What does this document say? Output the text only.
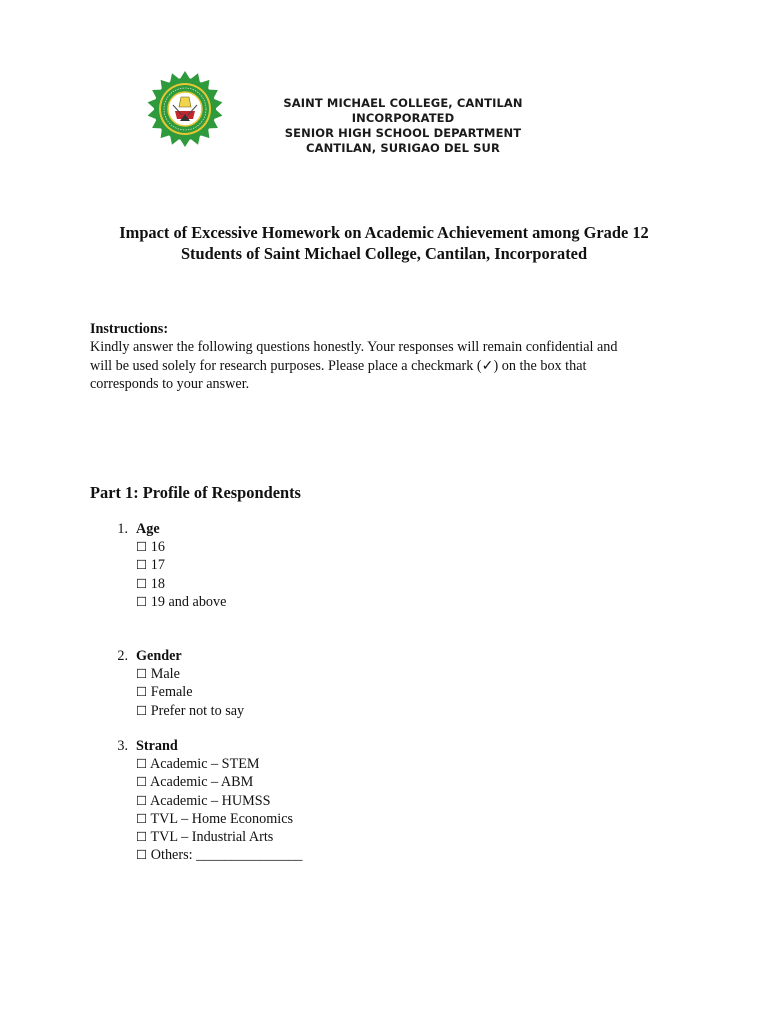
SAINT MICHAEL COLLEGE, CANTILAN INCORPORATED
SENIOR HIGH SCHOOL DEPARTMENT
CANTILAN, SURIGAO DEL SUR
Impact of Excessive Homework on Academic Achievement among Grade 12
Students of Saint Michael College, Cantilan, Incorporated
Instructions:
Kindly answer the following questions honestly. Your responses will remain confidential and
will be used solely for research purposes. Please place a checkmark (✓) on the box that
corresponds to your answer.
Part 1: Profile of Respondents
1. Age
☐ 16
☐ 17
☐ 18
☐ 19 and above
2. Gender
☐ Male
☐ Female
☐ Prefer not to say
3. Strand
☐ Academic – STEM
☐ Academic – ABM
☐ Academic – HUMSS
☐ TVL – Home Economics
☐ TVL – Industrial Arts
☐ Others: _______________
